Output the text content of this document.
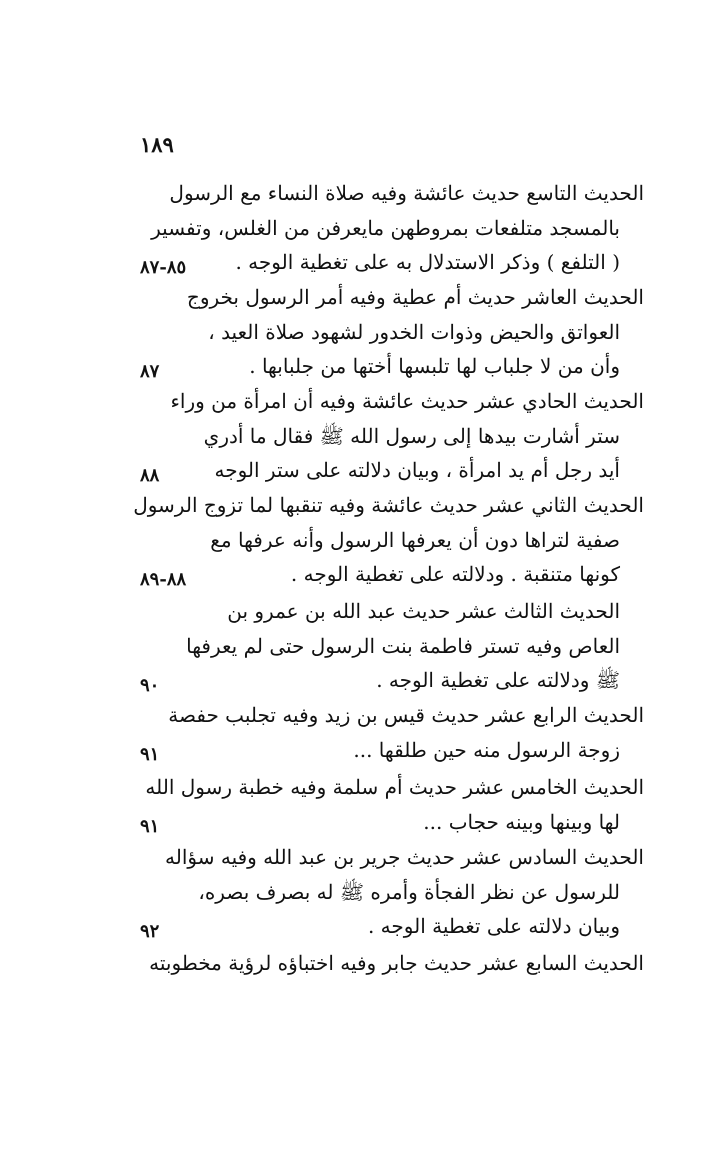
١٨٩
الحديث التاسع حديث عائشة وفيه صلاة النساء مع الرسول
بالمسجد متلفعات بمروطهن مايعرفن من الغلس، وتفسير
( التلفع ) وذكر الاستدلال به على تغطية الوجه .
٨٥-٨٧
الحديث العاشر حديث أم عطية وفيه أمر الرسول بخروج
العواتق والحيض وذوات الخدور لشهود صلاة العيد ،
وأن من لا جلباب لها تلبسها أختها من جلبابها .
٨٧
الحديث الحادي عشر حديث عائشة وفيه أن امرأة من وراء
ستر أشارت بيدها إلى رسول الله ﷺ فقال ما أدري
أيد رجل أم يد امرأة ، وبيان دلالته على ستر الوجه
٨٨
الحديث الثاني عشر حديث عائشة وفيه تنقبها لما تزوج الرسول
صفية لتراها دون أن يعرفها الرسول وأنه عرفها مع
كونها متنقبة . ودلالته على تغطية الوجه .
٨٨-٨٩
الحديث الثالث عشر حديث عبد الله بن عمرو بن
العاص وفيه تستر فاطمة بنت الرسول حتى لم يعرفها
ﷺ ودلالته على تغطية الوجه .
٩٠
الحديث الرابع عشر حديث قيس بن زيد وفيه تجلبب حفصة
زوجة الرسول منه حين طلقها ...
٩١
الحديث الخامس عشر حديث أم سلمة وفيه خطبة رسول الله
لها وبينها وبينه حجاب ...
٩١
الحديث السادس عشر حديث جرير بن عبد الله وفيه سؤاله
للرسول عن نظر الفجأة وأمره ﷺ له بصرف بصره،
وبيان دلالته على تغطية الوجه .
٩٢
الحديث السابع عشر حديث جابر وفيه اختباؤه لرؤية مخطوبته
